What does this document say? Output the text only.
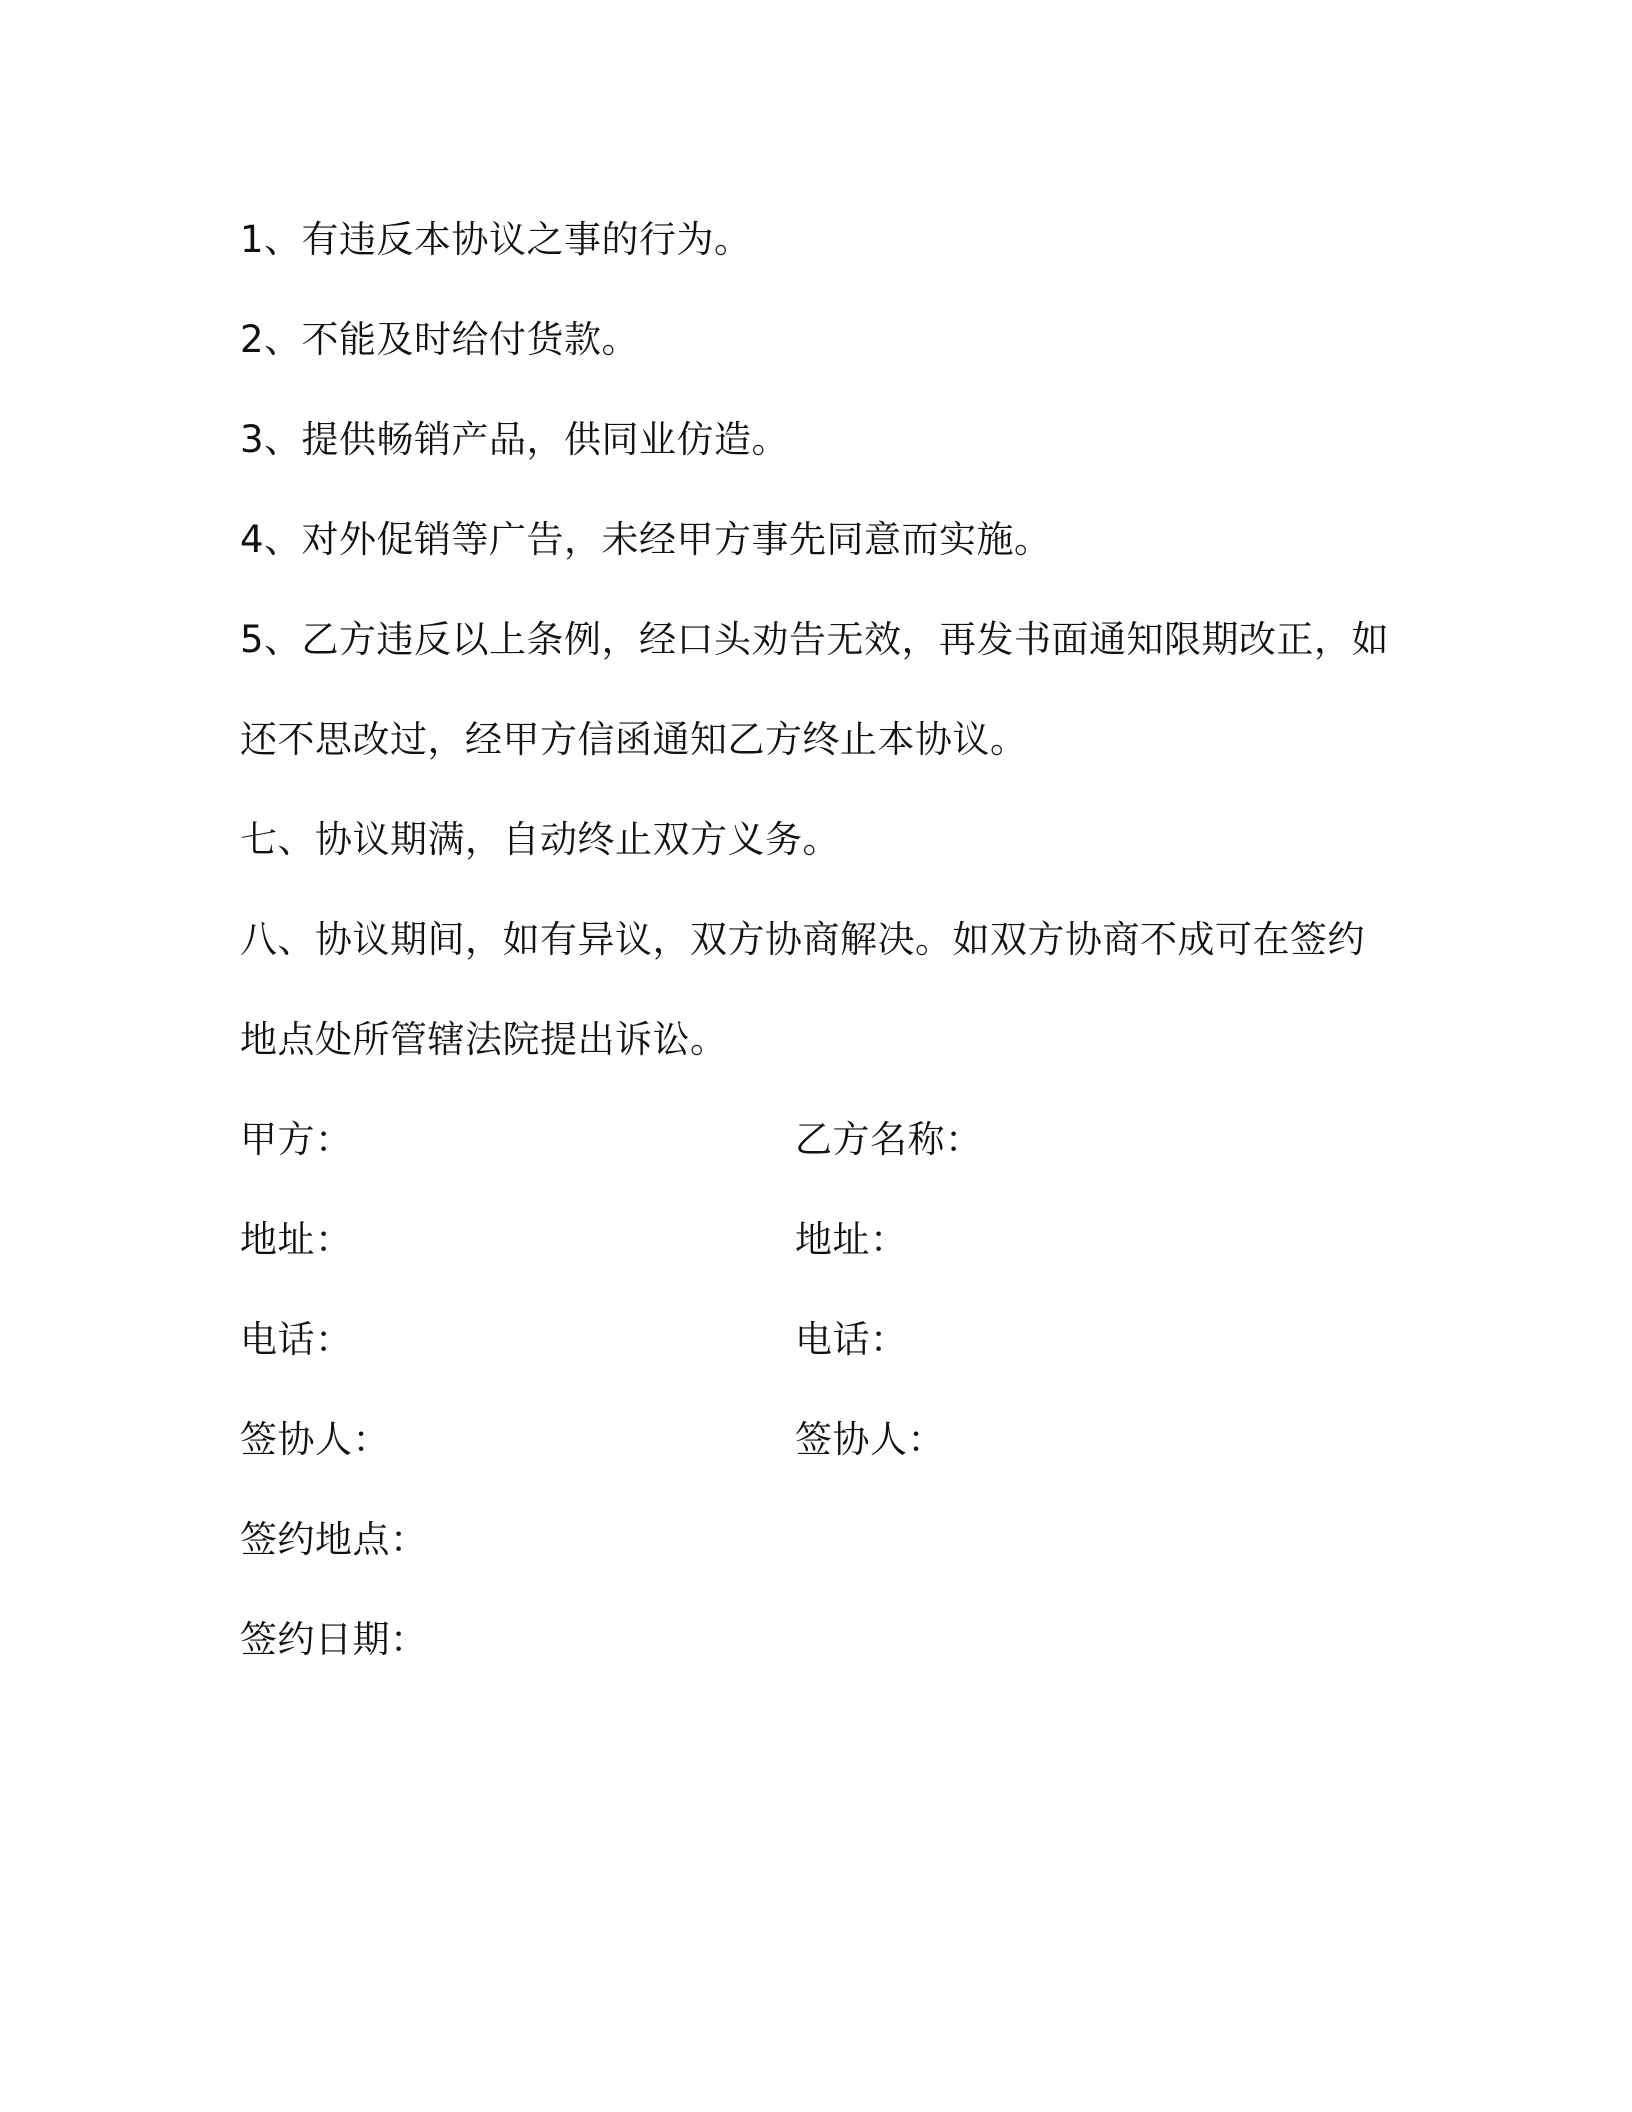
1、有违反本协议之事的行为。
2、不能及时给付货款。
3、提供畅销产品，供同业仿造。
4、对外促销等广告，未经甲方事先同意而实施。
5、乙方违反以上条例，经口头劝告无效，再发书面通知限期改正，如
还不思改过，经甲方信函通知乙方终止本协议。
七、协议期满，自动终止双方义务。
八、协议期间，如有异议，双方协商解决。如双方协商不成可在签约
地点处所管辖法院提出诉讼。
甲方：	乙方名称：
地址：	地址：
电话：	电话：
签协人：	签协人：
签约地点：
签约日期：
